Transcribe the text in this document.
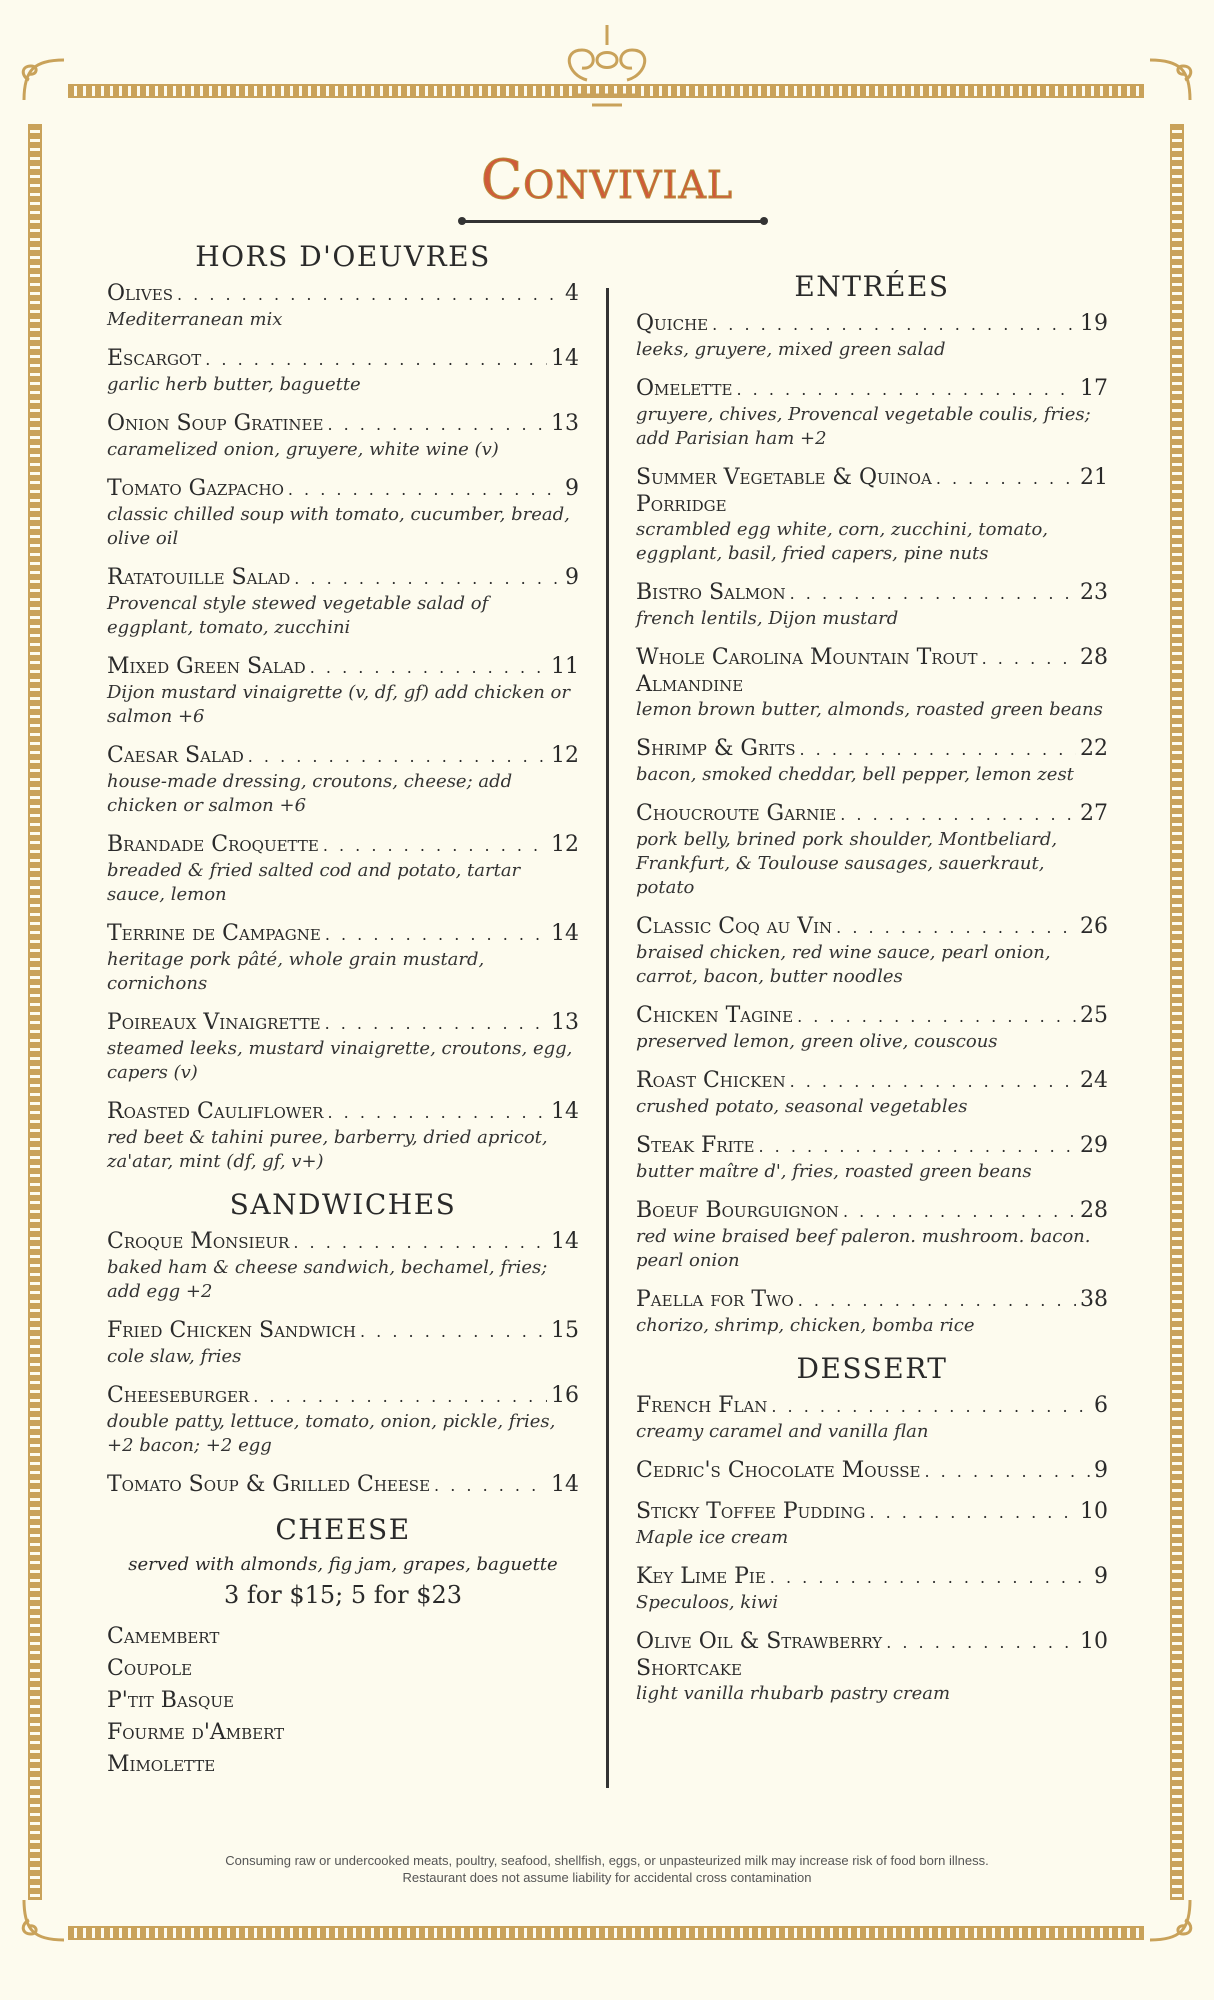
Convivial
HORS D'OEUVRES
Olives . . .	4
Mediterranean mix
Escargot . . .	14
garlic herb butter, baguette
Onion Soup Gratinee . . .	13
caramelized onion, gruyere, white wine (v)
Tomato Gazpacho . . .	9
classic chilled soup with tomato, cucumber, bread, olive oil
Ratatouille Salad . . .	9
Provencal style stewed vegetable salad of eggplant, tomato, zucchini
Mixed Green Salad . . .	11
Dijon mustard vinaigrette (v, df, gf) add chicken or salmon +6
Caesar Salad . . .	12
house-made dressing, croutons, cheese; add chicken or salmon +6
Brandade Croquette . . .	12
breaded & fried salted cod and potato, tartar sauce, lemon
Terrine de Campagne . . .	14
heritage pork pâté, whole grain mustard, cornichons
Poireaux Vinaigrette . . .	13
steamed leeks, mustard vinaigrette, croutons, egg, capers (v)
Roasted Cauliflower . . .	14
red beet & tahini puree, barberry, dried apricot, za'atar, mint (df, gf, v+)
SANDWICHES
Croque Monsieur . . .	14
baked ham & cheese sandwich, bechamel, fries; add egg +2
Fried Chicken Sandwich . . .	15
cole slaw, fries
Cheeseburger . . .	16
double patty, lettuce, tomato, onion, pickle, fries, +2 bacon; +2 egg
Tomato Soup & Grilled Cheese . . .	14
CHEESE
served with almonds, fig jam, grapes, baguette
3 for $15; 5 for $23
Camembert
Coupole
P'tit Basque
Fourme d'Ambert
Mimolette
ENTRÉES
Quiche . . .	19
leeks, gruyere, mixed green salad
Omelette . . .	17
gruyere, chives, Provencal vegetable coulis, fries; add Parisian ham +2
Summer Vegetable & Quinoa . . .	21
Porridge
scrambled egg white, corn, zucchini, tomato, eggplant, basil, fried capers, pine nuts
Bistro Salmon . . .	23
french lentils, Dijon mustard
Whole Carolina Mountain Trout . . .	28
Almandine
lemon brown butter, almonds, roasted green beans
Shrimp & Grits . . .	22
bacon, smoked cheddar, bell pepper, lemon zest
Choucroute Garnie . . .	27
pork belly, brined pork shoulder, Montbeliard, Frankfurt, & Toulouse sausages, sauerkraut, potato
Classic Coq au Vin . . .	26
braised chicken, red wine sauce, pearl onion, carrot, bacon, butter noodles
Chicken Tagine . . .	25
preserved lemon, green olive, couscous
Roast Chicken . . .	24
crushed potato, seasonal vegetables
Steak Frite . . .	29
butter maître d', fries, roasted green beans
Boeuf Bourguignon . . .	28
red wine braised beef paleron. mushroom. bacon. pearl onion
Paella for Two . . .	38
chorizo, shrimp, chicken, bomba rice
DESSERT
French Flan . . .	6
creamy caramel and vanilla flan
Cedric's Chocolate Mousse . . .	9
Sticky Toffee Pudding . . .	10
Maple ice cream
Key Lime Pie . . .	9
Speculoos, kiwi
Olive Oil & Strawberry . . .	10
Shortcake
light vanilla rhubarb pastry cream
Consuming raw or undercooked meats, poultry, seafood, shellfish, eggs, or unpasteurized milk may increase risk of food born illness.
Restaurant does not assume liability for accidental cross contamination
